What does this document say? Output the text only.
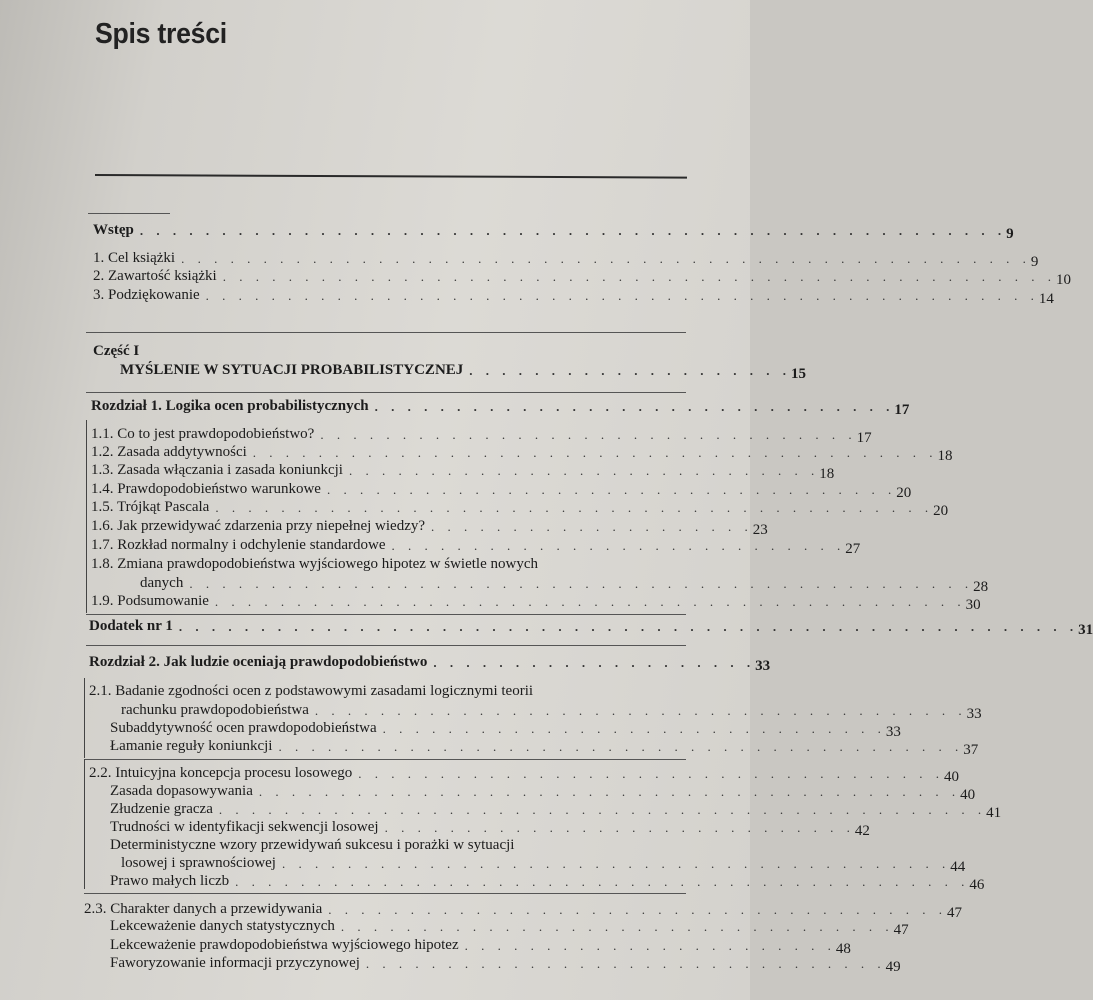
Spis treści
Wstęp . . . . . . . . . . . . . . . . . . . . . . . . . . . . . . . . . . . . . . . . . . . . . . . . . . . . . 9
1. Cel książki . . . . . . . . . . . . . . . . . . . . . . . . . . . . . . . . . . . . . . . . . . . . . . . . . . . . 9
2. Zawartość książki . . . . . . . . . . . . . . . . . . . . . . . . . . . . . . . . . . . . . . . . . . . . . . . . . . . 10
3. Podziękowanie . . . . . . . . . . . . . . . . . . . . . . . . . . . . . . . . . . . . . . . . . . . . . . . . . . . 14
Część I
MYŚLENIE W SYTUACJI PROBABILISTYCZNEJ . . . . . . . . . . . . . . . . . . . . 15
Rozdział 1. Logika ocen probabilistycznych . . . . . . . . . . . . . . . . . . . . . . . . . . . . . . . . 17
1.1. Co to jest prawdopodobieństwo? . . . . . . . . . . . . . . . . . . . . . . . . . . . . . . . . . 17
1.2. Zasada addytywności . . . . . . . . . . . . . . . . . . . . . . . . . . . . . . . . . . . . . . . . . . 18
1.3. Zasada włączania i zasada koniunkcji . . . . . . . . . . . . . . . . . . . . . . . . . . . . . 18
1.4. Prawdopodobieństwo warunkowe . . . . . . . . . . . . . . . . . . . . . . . . . . . . . . . . . . . 20
1.5. Trójkąt Pascala . . . . . . . . . . . . . . . . . . . . . . . . . . . . . . . . . . . . . . . . . . . . 20
1.6. Jak przewidywać zdarzenia przy niepełnej wiedzy? . . . . . . . . . . . . . . . . . . . . 23
1.7. Rozkład normalny i odchylenie standardowe . . . . . . . . . . . . . . . . . . . . . . . . . . . . 27
1.8. Zmiana prawdopodobieństwa wyjściowego hipotez w świetle nowych
danych . . . . . . . . . . . . . . . . . . . . . . . . . . . . . . . . . . . . . . . . . . . . . . . . 28
1.9. Podsumowanie . . . . . . . . . . . . . . . . . . . . . . . . . . . . . . . . . . . . . . . . . . . . . . 30
Dodatek nr 1 . . . . . . . . . . . . . . . . . . . . . . . . . . . . . . . . . . . . . . . . . . . . . . . . . . . . . . . 31
Rozdział 2. Jak ludzie oceniają prawdopodobieństwo . . . . . . . . . . . . . . . . . . . . 33
2.1. Badanie zgodności ocen z podstawowymi zasadami logicznymi teorii
rachunku prawdopodobieństwa . . . . . . . . . . . . . . . . . . . . . . . . . . . . . . . . . . . . . . . . 33
Subaddytywność ocen prawdopodobieństwa . . . . . . . . . . . . . . . . . . . . . . . . . . . . . . . 33
Łamanie reguły koniunkcji . . . . . . . . . . . . . . . . . . . . . . . . . . . . . . . . . . . . . . . . . . 37
2.2. Intuicyjna koncepcja procesu losowego . . . . . . . . . . . . . . . . . . . . . . . . . . . . . . . . . . . . 40
Zasada dopasowywania . . . . . . . . . . . . . . . . . . . . . . . . . . . . . . . . . . . . . . . . . . . 40
Złudzenie gracza . . . . . . . . . . . . . . . . . . . . . . . . . . . . . . . . . . . . . . . . . . . . . . . 41
Trudności w identyfikacji sekwencji losowej . . . . . . . . . . . . . . . . . . . . . . . . . . . . . 42
Deterministyczne wzory przewidywań sukcesu i porażki w sytuacji
losowej i sprawnościowej . . . . . . . . . . . . . . . . . . . . . . . . . . . . . . . . . . . . . . . . . 44
Prawo małych liczb . . . . . . . . . . . . . . . . . . . . . . . . . . . . . . . . . . . . . . . . . . . . . 46
2.3. Charakter danych a przewidywania . . . . . . . . . . . . . . . . . . . . . . . . . . . . . . . . . . . . . . 47
Lekceważenie danych statystycznych . . . . . . . . . . . . . . . . . . . . . . . . . . . . . . . . . . 47
Lekceważenie prawdopodobieństwa wyjściowego hipotez . . . . . . . . . . . . . . . . . . . . . . . 48
Faworyzowanie informacji przyczynowej . . . . . . . . . . . . . . . . . . . . . . . . . . . . . . . . 49
